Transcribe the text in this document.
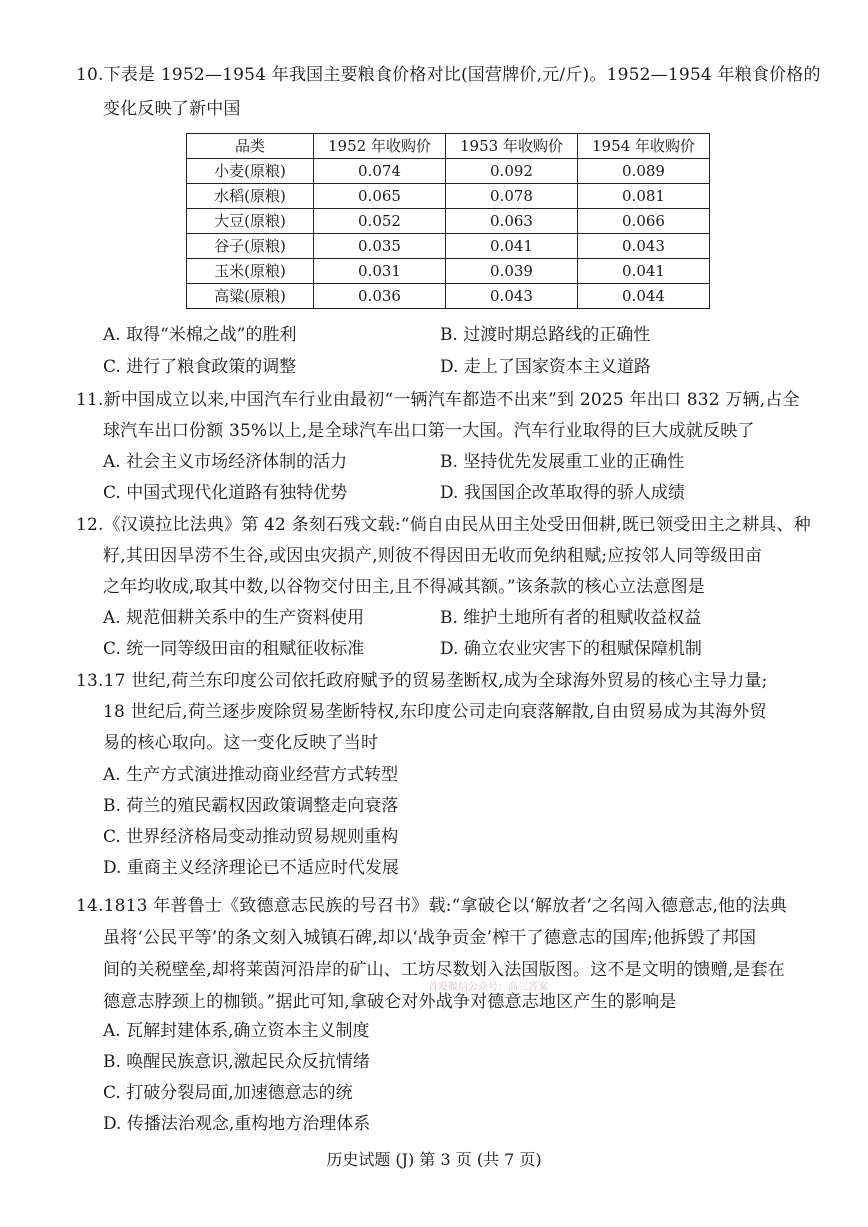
10.下表是 1952—1954 年我国主要粮食价格对比(国营牌价,元/斤)。1952—1954 年粮食价格的
变化反映了新中国
品类	1952 年收购价	1953 年收购价	1954 年收购价
小麦(原粮)	0.074	0.092	0.089
水稻(原粮)	0.065	0.078	0.081
大豆(原粮)	0.052	0.063	0.066
谷子(原粮)	0.035	0.041	0.043
玉米(原粮)	0.031	0.039	0.041
高粱(原粮)	0.036	0.043	0.044
A. 取得“米棉之战”的胜利	B. 过渡时期总路线的正确性
C. 进行了粮食政策的调整	D. 走上了国家资本主义道路
11.新中国成立以来,中国汽车行业由最初“一辆汽车都造不出来”到 2025 年出口 832 万辆,占全
球汽车出口份额 35%以上,是全球汽车出口第一大国。汽车行业取得的巨大成就反映了
A. 社会主义市场经济体制的活力	B. 坚持优先发展重工业的正确性
C. 中国式现代化道路有独特优势	D. 我国国企改革取得的骄人成绩
12.《汉谟拉比法典》第 42 条刻石残文载:“倘自由民从田主处受田佃耕,既已领受田主之耕具、种
籽,其田因旱涝不生谷,或因虫灾损产,则彼不得因田无收而免纳租赋;应按邻人同等级田亩
之年均收成,取其中数,以谷物交付田主,且不得减其额。”该条款的核心立法意图是
A. 规范佃耕关系中的生产资料使用	B. 维护土地所有者的租赋收益权益
C. 统一同等级田亩的租赋征收标准	D. 确立农业灾害下的租赋保障机制
13.17 世纪,荷兰东印度公司依托政府赋予的贸易垄断权,成为全球海外贸易的核心主导力量;
18 世纪后,荷兰逐步废除贸易垄断特权,东印度公司走向衰落解散,自由贸易成为其海外贸
易的核心取向。这一变化反映了当时
A. 生产方式演进推动商业经营方式转型
B. 荷兰的殖民霸权因政策调整走向衰落
C. 世界经济格局变动推动贸易规则重构
D. 重商主义经济理论已不适应时代发展
14.1813 年普鲁士《致德意志民族的号召书》载:“拿破仑以‘解放者’之名闯入德意志,他的法典
虽将‘公民平等’的条文刻入城镇石碑,却以‘战争贡金’榨干了德意志的国库;他拆毁了邦国
间的关税壁垒,却将莱茵河沿岸的矿山、工坊尽数划入法国版图。这不是文明的馈赠,是套在
德意志脖颈上的枷锁。”据此可知,拿破仑对外战争对德意志地区产生的影响是
A. 瓦解封建体系,确立资本主义制度
B. 唤醒民族意识,激起民众反抗情绪
C. 打破分裂局面,加速德意志的统
D. 传播法治观念,重构地方治理体系
首发微信公众号：高三答案
历史试题 (J) 第 3 页 (共 7 页)
